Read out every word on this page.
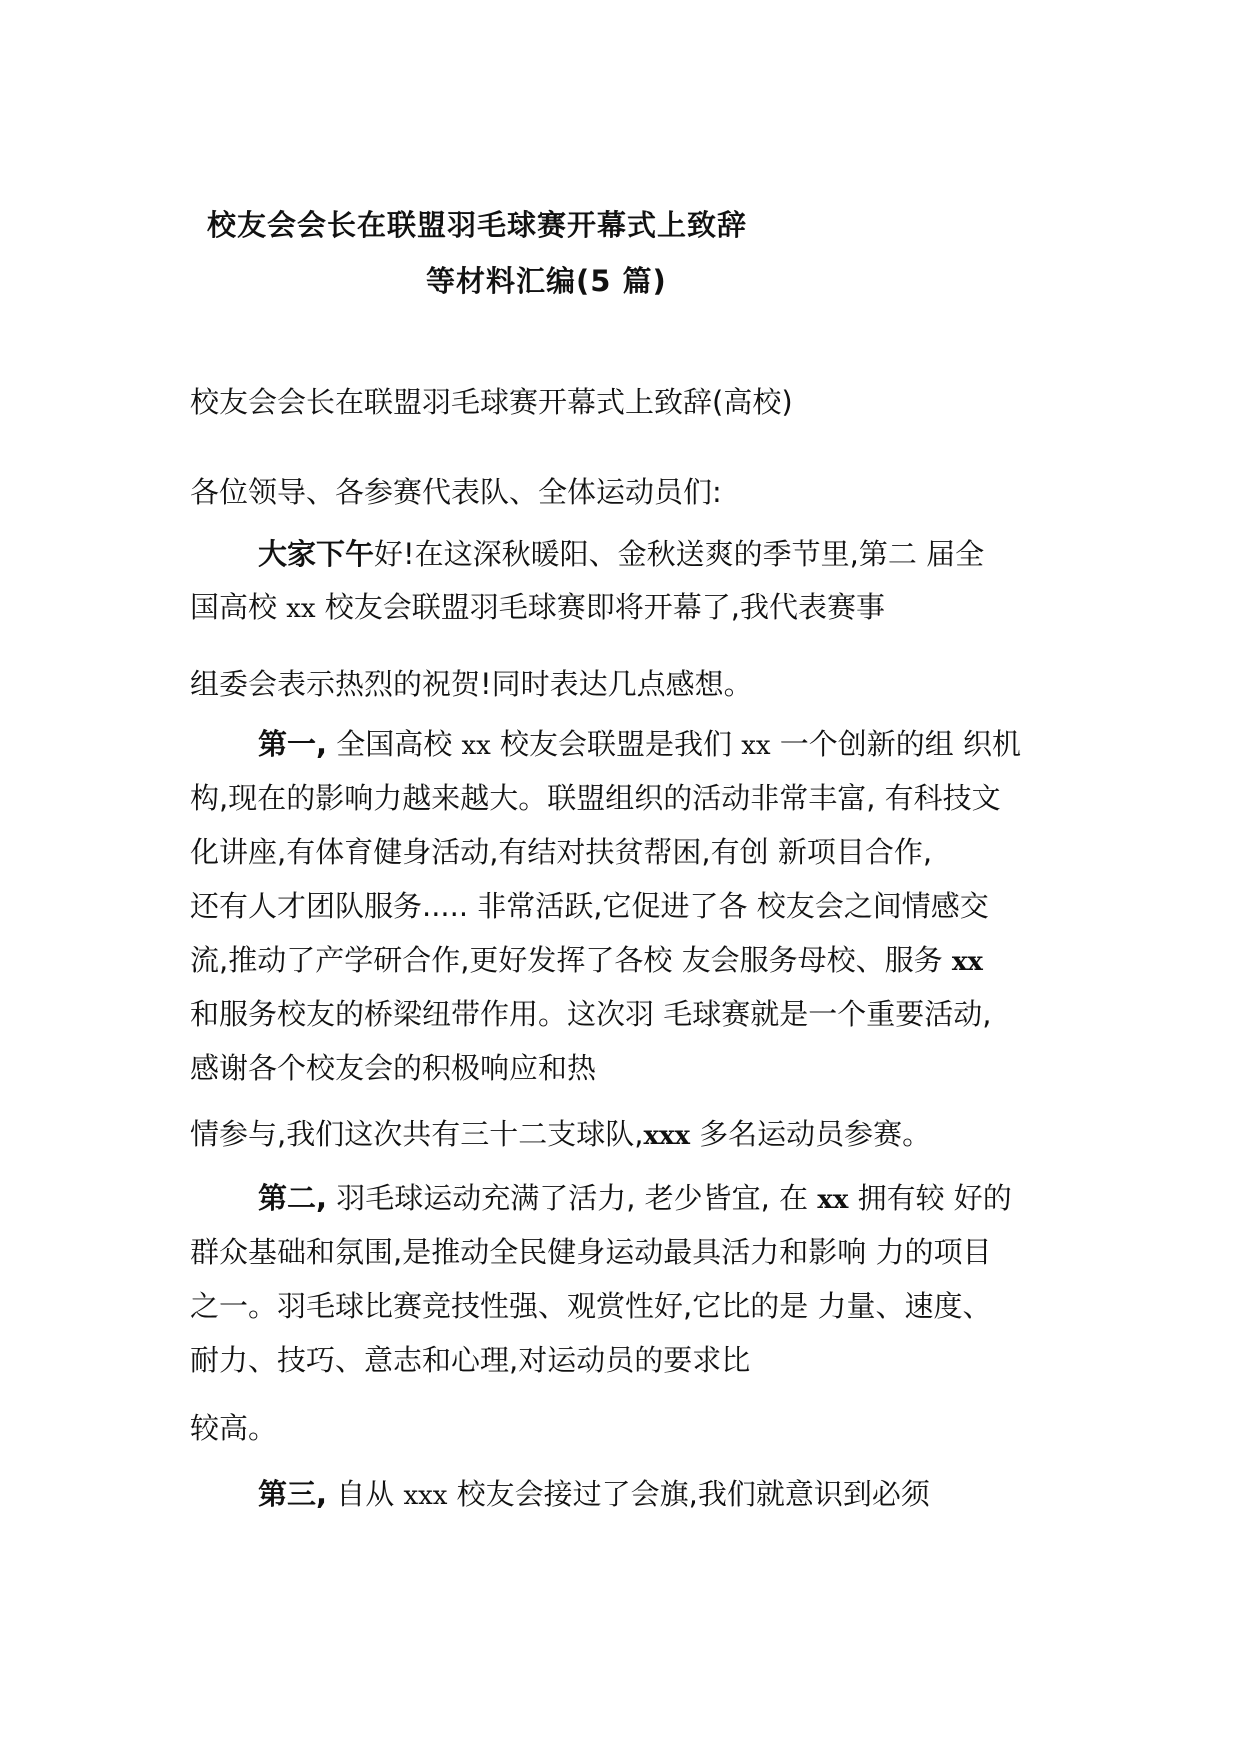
校友会会长在联盟羽毛球赛开幕式上致辞
等材料汇编(5 篇)
校友会会长在联盟羽毛球赛开幕式上致辞(高校)
各位领导、各参赛代表队、全体运动员们:
大家下午好!在这深秋暖阳、金秋送爽的季节里,第二 届全
国高校 xx 校友会联盟羽毛球赛即将开幕了,我代表赛事
组委会表示热烈的祝贺!同时表达几点感想。
第一, 全国高校 xx 校友会联盟是我们 xx 一个创新的组 织机
构,现在的影响力越来越大。联盟组织的活动非常丰富, 有科技文
化讲座,有体育健身活动,有结对扶贫帮困,有创 新项目合作,
还有人才团队服务..... 非常活跃,它促进了各 校友会之间情感交
流,推动了产学研合作,更好发挥了各校 友会服务母校、服务 xx
和服务校友的桥梁纽带作用。这次羽 毛球赛就是一个重要活动,
感谢各个校友会的积极响应和热
情参与,我们这次共有三十二支球队,xxx 多名运动员参赛。
第二, 羽毛球运动充满了活力, 老少皆宜, 在 xx 拥有较 好的
群众基础和氛围,是推动全民健身运动最具活力和影响 力的项目
之一。羽毛球比赛竞技性强、观赏性好,它比的是 力量、速度、
耐力、技巧、意志和心理,对运动员的要求比
较高。
第三, 自从 xxx 校友会接过了会旗,我们就意识到必须
